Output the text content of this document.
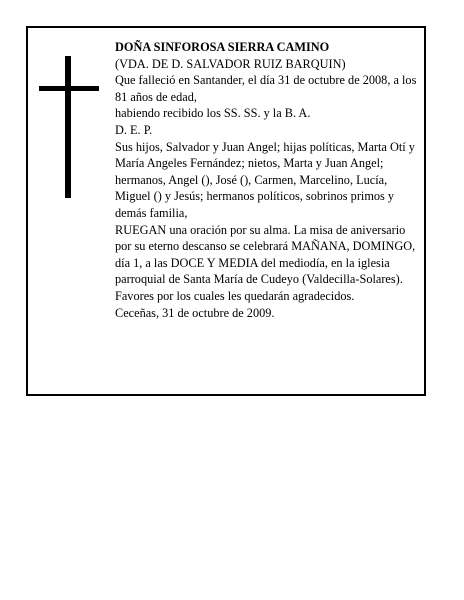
DOÑA SINFOROSA SIERRA CAMINO
(VDA. DE D. SALVADOR RUIZ BARQUIN)
Que falleció en Santander, el día 31 de octubre de 2008, a los 81 años de edad,
habiendo recibido los SS. SS. y la B. A.
D. E. P.
Sus hijos, Salvador y Juan Angel; hijas políticas, Marta Otí y María Angeles Fernández; nietos, Marta y Juan Angel; hermanos, Angel (), José (), Carmen, Marcelino, Lucía, Miguel () y Jesús; hermanos políticos, sobrinos primos y demás familia,
RUEGAN una oración por su alma. La misa de aniversario por su eterno descanso se celebrará MAÑANA, DOMINGO, día 1, a las DOCE Y MEDIA del mediodía, en la iglesia parroquial de Santa María de Cudeyo (Valdecilla-Solares). Favores por los cuales les quedarán agradecidos.
Ceceñas, 31 de octubre de 2009.
